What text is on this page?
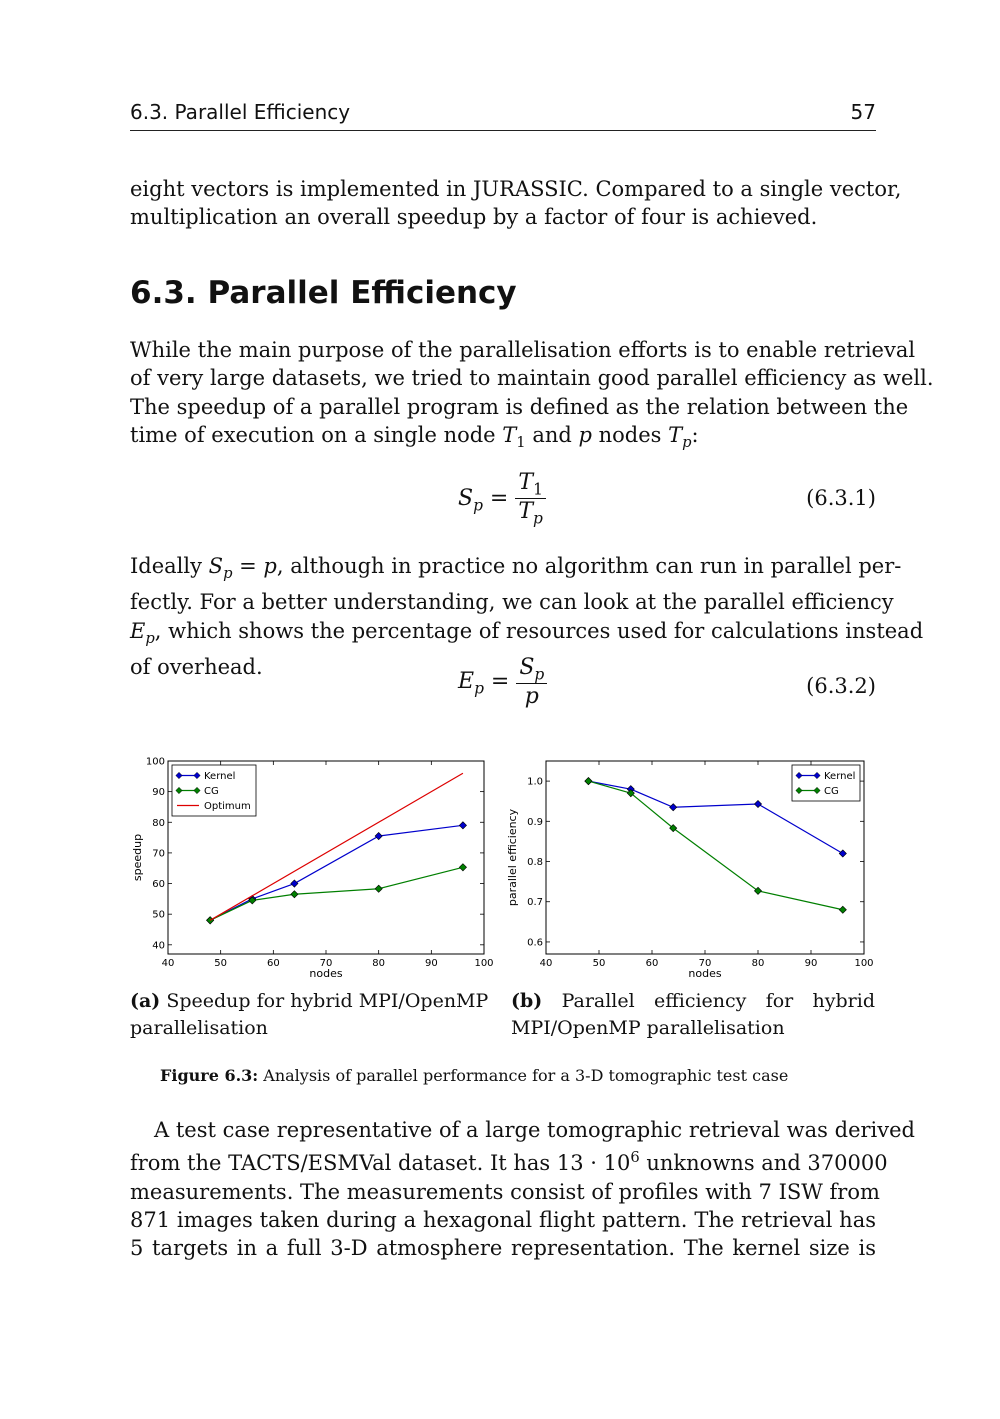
6.3. Parallel Efficiency	57
eight vectors is implemented in JURASSIC. Compared to a single vector,
multiplication an overall speedup by a factor of four is achieved.
6.3. Parallel Efficiency
While the main purpose of the parallelisation efforts is to enable retrieval
of very large datasets, we tried to maintain good parallel efficiency as well.
The speedup of a parallel program is defined as the relation between the
time of execution on a single node $T_1$ and p nodes $T_p$:
$S_p = \frac{T_1}{T_p}$	(6.3.1)
Ideally $S_p = p$, although in practice no algorithm can run in parallel per-
fectly. For a better understanding, we can look at the parallel efficiency
$E_p$, which shows the percentage of resources used for calculations instead
of overhead.
$E_p = \frac{S_p}{p}$	(6.3.2)
40	50	60	70	80	90	100
40
50
60
70
80
90
100
nodes
speedup
Kernel
CG
Optimum
40	50	60	70	80	90	100
0.6
0.7
0.8
0.9
1.0
nodes
parallel efficiency
Kernel
CG
(a) Speedup for hybrid MPI/OpenMP parallelisation
(b) Parallel efficiency for hybrid MPI/OpenMP parallelisation
Figure 6.3: Analysis of parallel performance for a 3-D tomographic test case
A test case representative of a large tomographic retrieval was derived
from the TACTS/ESMVal dataset. It has $13 \cdot 10^6$ unknowns and 370000
measurements. The measurements consist of profiles with 7 ISW from
871 images taken during a hexagonal flight pattern. The retrieval has
5 targets in a full 3-D atmosphere representation. The kernel size is
